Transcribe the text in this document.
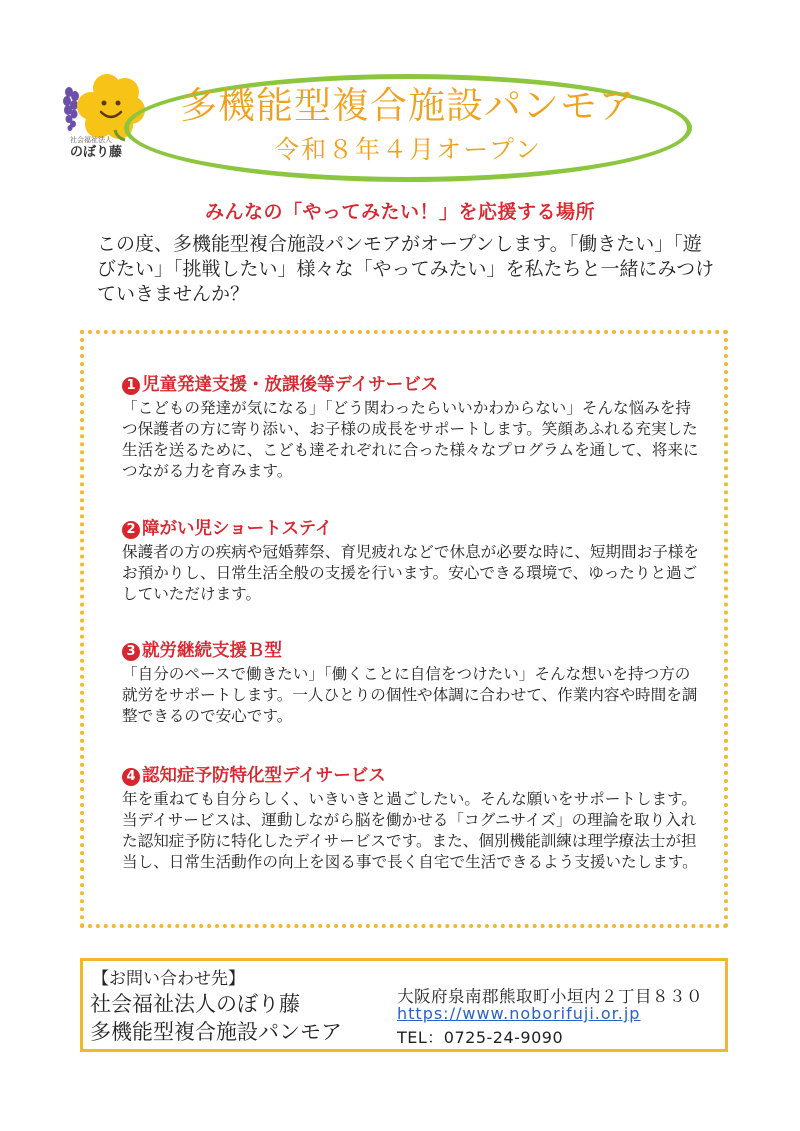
社会福祉法人
のぼり藤
多機能型複合施設パンモア
令和８年４月オープン
みんなの「やってみたい！」を応援する場所
この度、多機能型複合施設パンモアがオープンします。「働きたい」「遊びたい」「挑戦したい」様々な「やってみたい」を私たちと一緒にみつけていきませんか？
1 児童発達支援・放課後等デイサービス
「こどもの発達が気になる」「どう関わったらいいかわからない」そんな悩みを持つ保護者の方に寄り添い、お子様の成長をサポートします。笑顔あふれる充実した生活を送るために、こども達それぞれに合った様々なプログラムを通して、将来につながる力を育みます。
2 障がい児ショートステイ
保護者の方の疾病や冠婚葬祭、育児疲れなどで休息が必要な時に、短期間お子様をお預かりし、日常生活全般の支援を行います。安心できる環境で、ゆったりと過ごしていただけます。
3 就労継続支援Ｂ型
「自分のペースで働きたい」「働くことに自信をつけたい」そんな想いを持つ方の就労をサポートします。一人ひとりの個性や体調に合わせて、作業内容や時間を調整できるので安心です。
4 認知症予防特化型デイサービス
年を重ねても自分らしく、いきいきと過ごしたい。そんな願いをサポートします。当デイサービスは、運動しながら脳を働かせる「コグニサイズ」の理論を取り入れた認知症予防に特化したデイサービスです。また、個別機能訓練は理学療法士が担当し、日常生活動作の向上を図る事で長く自宅で生活できるよう支援いたします。
【お問い合わせ先】
社会福祉法人のぼり藤
多機能型複合施設パンモア
大阪府泉南郡熊取町小垣内２丁目８３０
https://www.noborifuji.or.jp
TEL：0725-24-9090
